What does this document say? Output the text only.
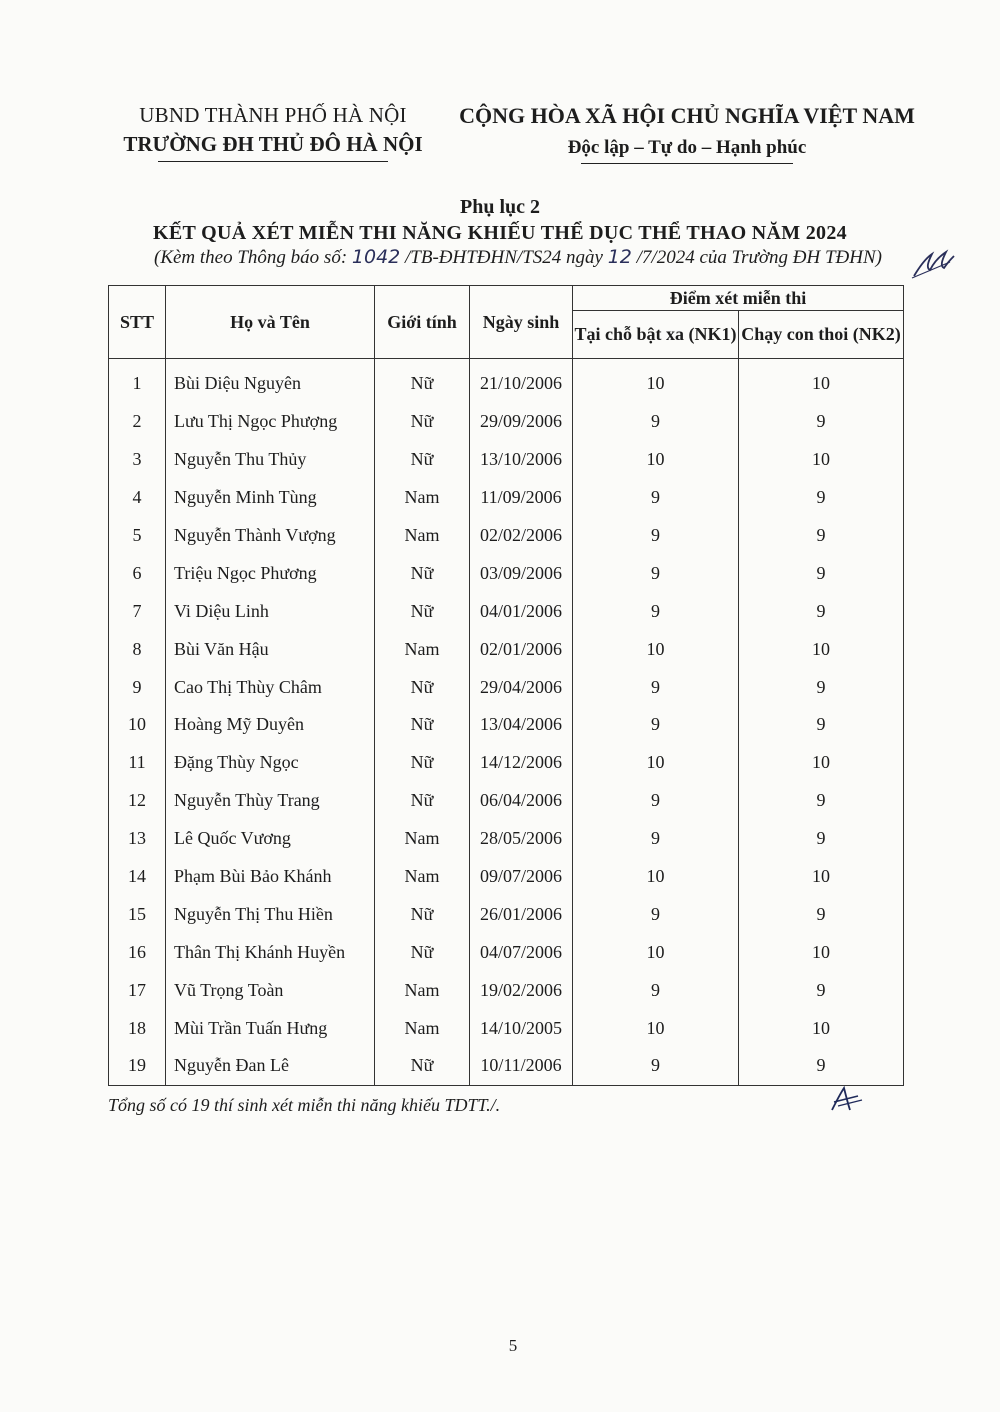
UBND THÀNH PHỐ HÀ NỘI
TRƯỜNG ĐH THỦ ĐÔ HÀ NỘI
CỘNG HÒA XÃ HỘI CHỦ NGHĨA VIỆT NAM
Độc lập – Tự do – Hạnh phúc
Phụ lục 2
KẾT QUẢ XÉT MIỄN THI NĂNG KHIẾU THỂ DỤC THỂ THAO NĂM 2024
(Kèm theo Thông báo số: 1042 /TB-ĐHTĐHN/TS24 ngày 12 /7/2024 của Trường ĐH TĐHN)
STT	Họ và Tên	Giới tính	Ngày sinh	Điểm xét miễn thi	
				Tại chỗ bật xa (NK1)	Chạy con thoi (NK2)
1	Bùi Diệu Nguyên	Nữ	21/10/2006	10	10
2	Lưu Thị Ngọc Phượng	Nữ	29/09/2006	9	9
3	Nguyễn Thu Thủy	Nữ	13/10/2006	10	10
4	Nguyễn Minh Tùng	Nam	11/09/2006	9	9
5	Nguyễn Thành Vượng	Nam	02/02/2006	9	9
6	Triệu Ngọc Phương	Nữ	03/09/2006	9	9
7	Vi Diệu Linh	Nữ	04/01/2006	9	9
8	Bùi Văn Hậu	Nam	02/01/2006	10	10
9	Cao Thị Thùy Châm	Nữ	29/04/2006	9	9
10	Hoàng Mỹ Duyên	Nữ	13/04/2006	9	9
11	Đặng Thùy Ngọc	Nữ	14/12/2006	10	10
12	Nguyễn Thùy Trang	Nữ	06/04/2006	9	9
13	Lê Quốc Vương	Nam	28/05/2006	9	9
14	Phạm Bùi Bảo Khánh	Nam	09/07/2006	10	10
15	Nguyễn Thị Thu Hiền	Nữ	26/01/2006	9	9
16	Thân Thị Khánh Huyền	Nữ	04/07/2006	10	10
17	Vũ Trọng Toàn	Nam	19/02/2006	9	9
18	Mùi Trần Tuấn Hưng	Nam	14/10/2005	10	10
19	Nguyễn Đan Lê	Nữ	10/11/2006	9	9
Tổng số có 19 thí sinh xét miễn thi năng khiếu TDTT./.
5
